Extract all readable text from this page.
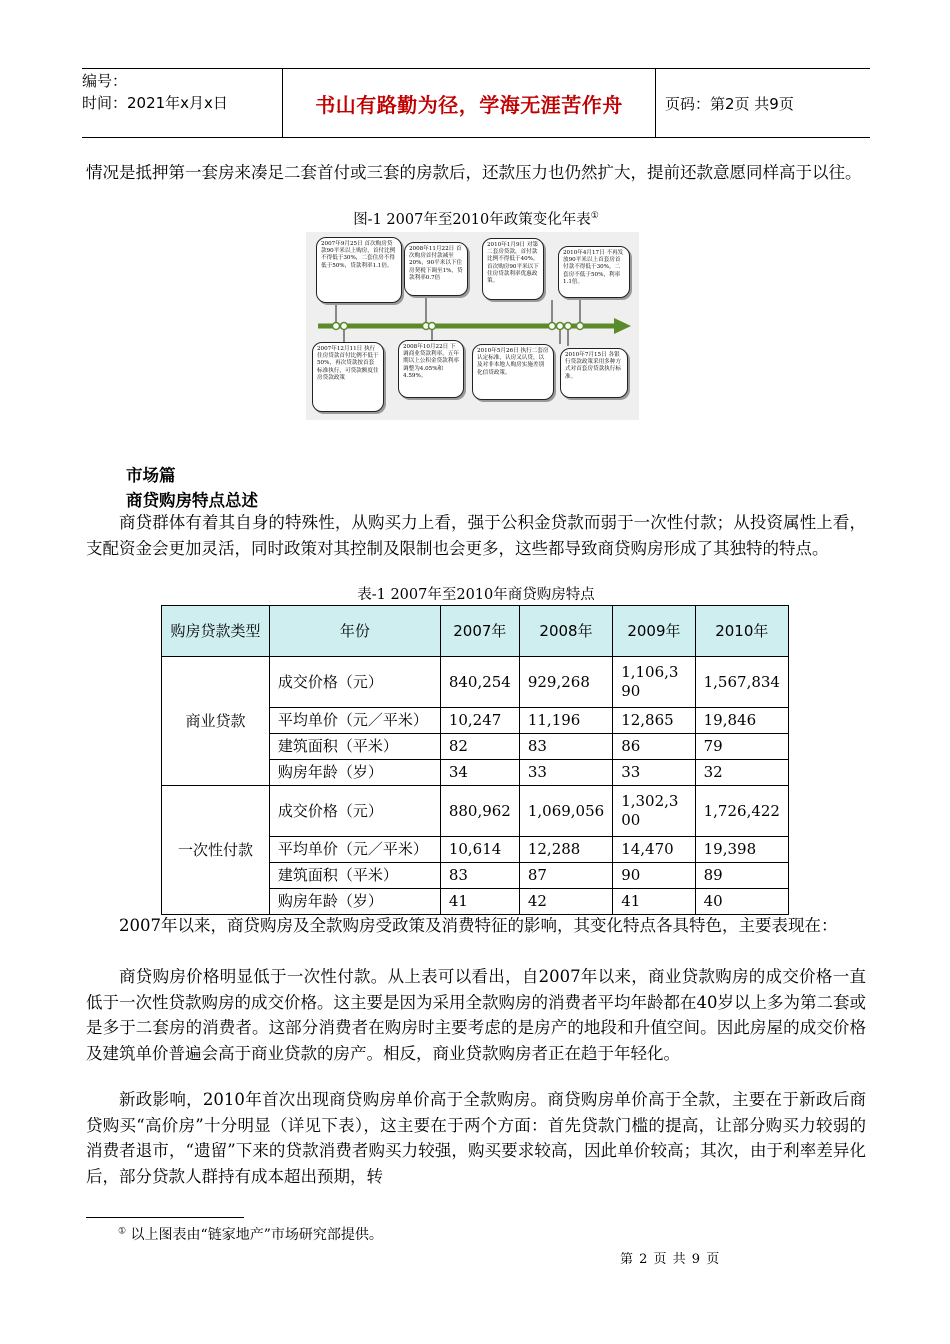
编号：
时间：2021年x月x日	书山有路勤为径，学海无涯苦作舟	页码：第2页 共9页
情况是抵押第一套房来凑足二套首付或三套的房款后，还款压力也仍然扩大，提前还款意愿同样高于以往。
图-1 2007年至2010年政策变化年表①
2007年9月25日 首次购房贷款90平米以上购房，首付比例不得低于30%，二套住房不得低于50%，贷款利率1.1倍。
2008年11月22日 首次购房首付款减至20%，90平米以下住房契税下调至1%，贷款利率0.7倍
2010年1月9日 对第二套房贷款，首付款比例不得低于40%，首次购房90平米以下住房贷款利率优惠政策。
2010年4月17日 不再发放90平米以上首套房首付款不得低于30%，二套房不低于50%，利率1.1倍。
2007年12月11日 执行住房贷款首付比例不低于50%，再次贷款按首套标准执行，可贷款额度住房贷款政策
2008年10月22日 下调商业贷款利率，五年期以上公积金贷款利率调整为4.05%和4.59%。
2010年5月26日 执行二套房认定标准，认房又认贷，以及对非本地人购房实施差别化信贷政策。
2010年7月15日 各银行贷款政策采用多种方式对首套房贷款执行标准。
市场篇
商贷购房特点总述
商贷群体有着其自身的特殊性，从购买力上看，强于公积金贷款而弱于一次性付款；从投资属性上看，支配资金会更加灵活，同时政策对其控制及限制也会更多，这些都导致商贷购房形成了其独特的特点。
表-1 2007年至2010年商贷购房特点
购房贷款类型	年份	2007年	2008年	2009年	2010年
商业贷款	成交价格（元）	840,254	929,268	1,106,390	1,567,834
	平均单价（元／平米）	10,247	11,196	12,865	19,846
	建筑面积（平米）	82	83	86	79
	购房年龄（岁）	34	33	33	32
一次性付款	成交价格（元）	880,962	1,069,056	1,302,300	1,726,422
	平均单价（元／平米）	10,614	12,288	14,470	19,398
	建筑面积（平米）	83	87	90	89
	购房年龄（岁）	41	42	41	40
2007年以来，商贷购房及全款购房受政策及消费特征的影响，其变化特点各具特色，主要表现在：
商贷购房价格明显低于一次性付款。从上表可以看出，自2007年以来，商业贷款购房的成交价格一直低于一次性贷款购房的成交价格。这主要是因为采用全款购房的消费者平均年龄都在40岁以上多为第二套或是多于二套房的消费者。这部分消费者在购房时主要考虑的是房产的地段和升值空间。因此房屋的成交价格及建筑单价普遍会高于商业贷款的房产。相反，商业贷款购房者正在趋于年轻化。
新政影响，2010年首次出现商贷购房单价高于全款购房。商贷购房单价高于全款，主要在于新政后商贷购买“高价房”十分明显（详见下表），这主要在于两个方面：首先贷款门槛的提高，让部分购买力较弱的消费者退市，“遗留”下来的贷款消费者购买力较强，购买要求较高，因此单价较高；其次，由于利率差异化后，部分贷款人群持有成本超出预期，转
① 以上图表由“链家地产”市场研究部提供。
第 2 页 共 9 页
